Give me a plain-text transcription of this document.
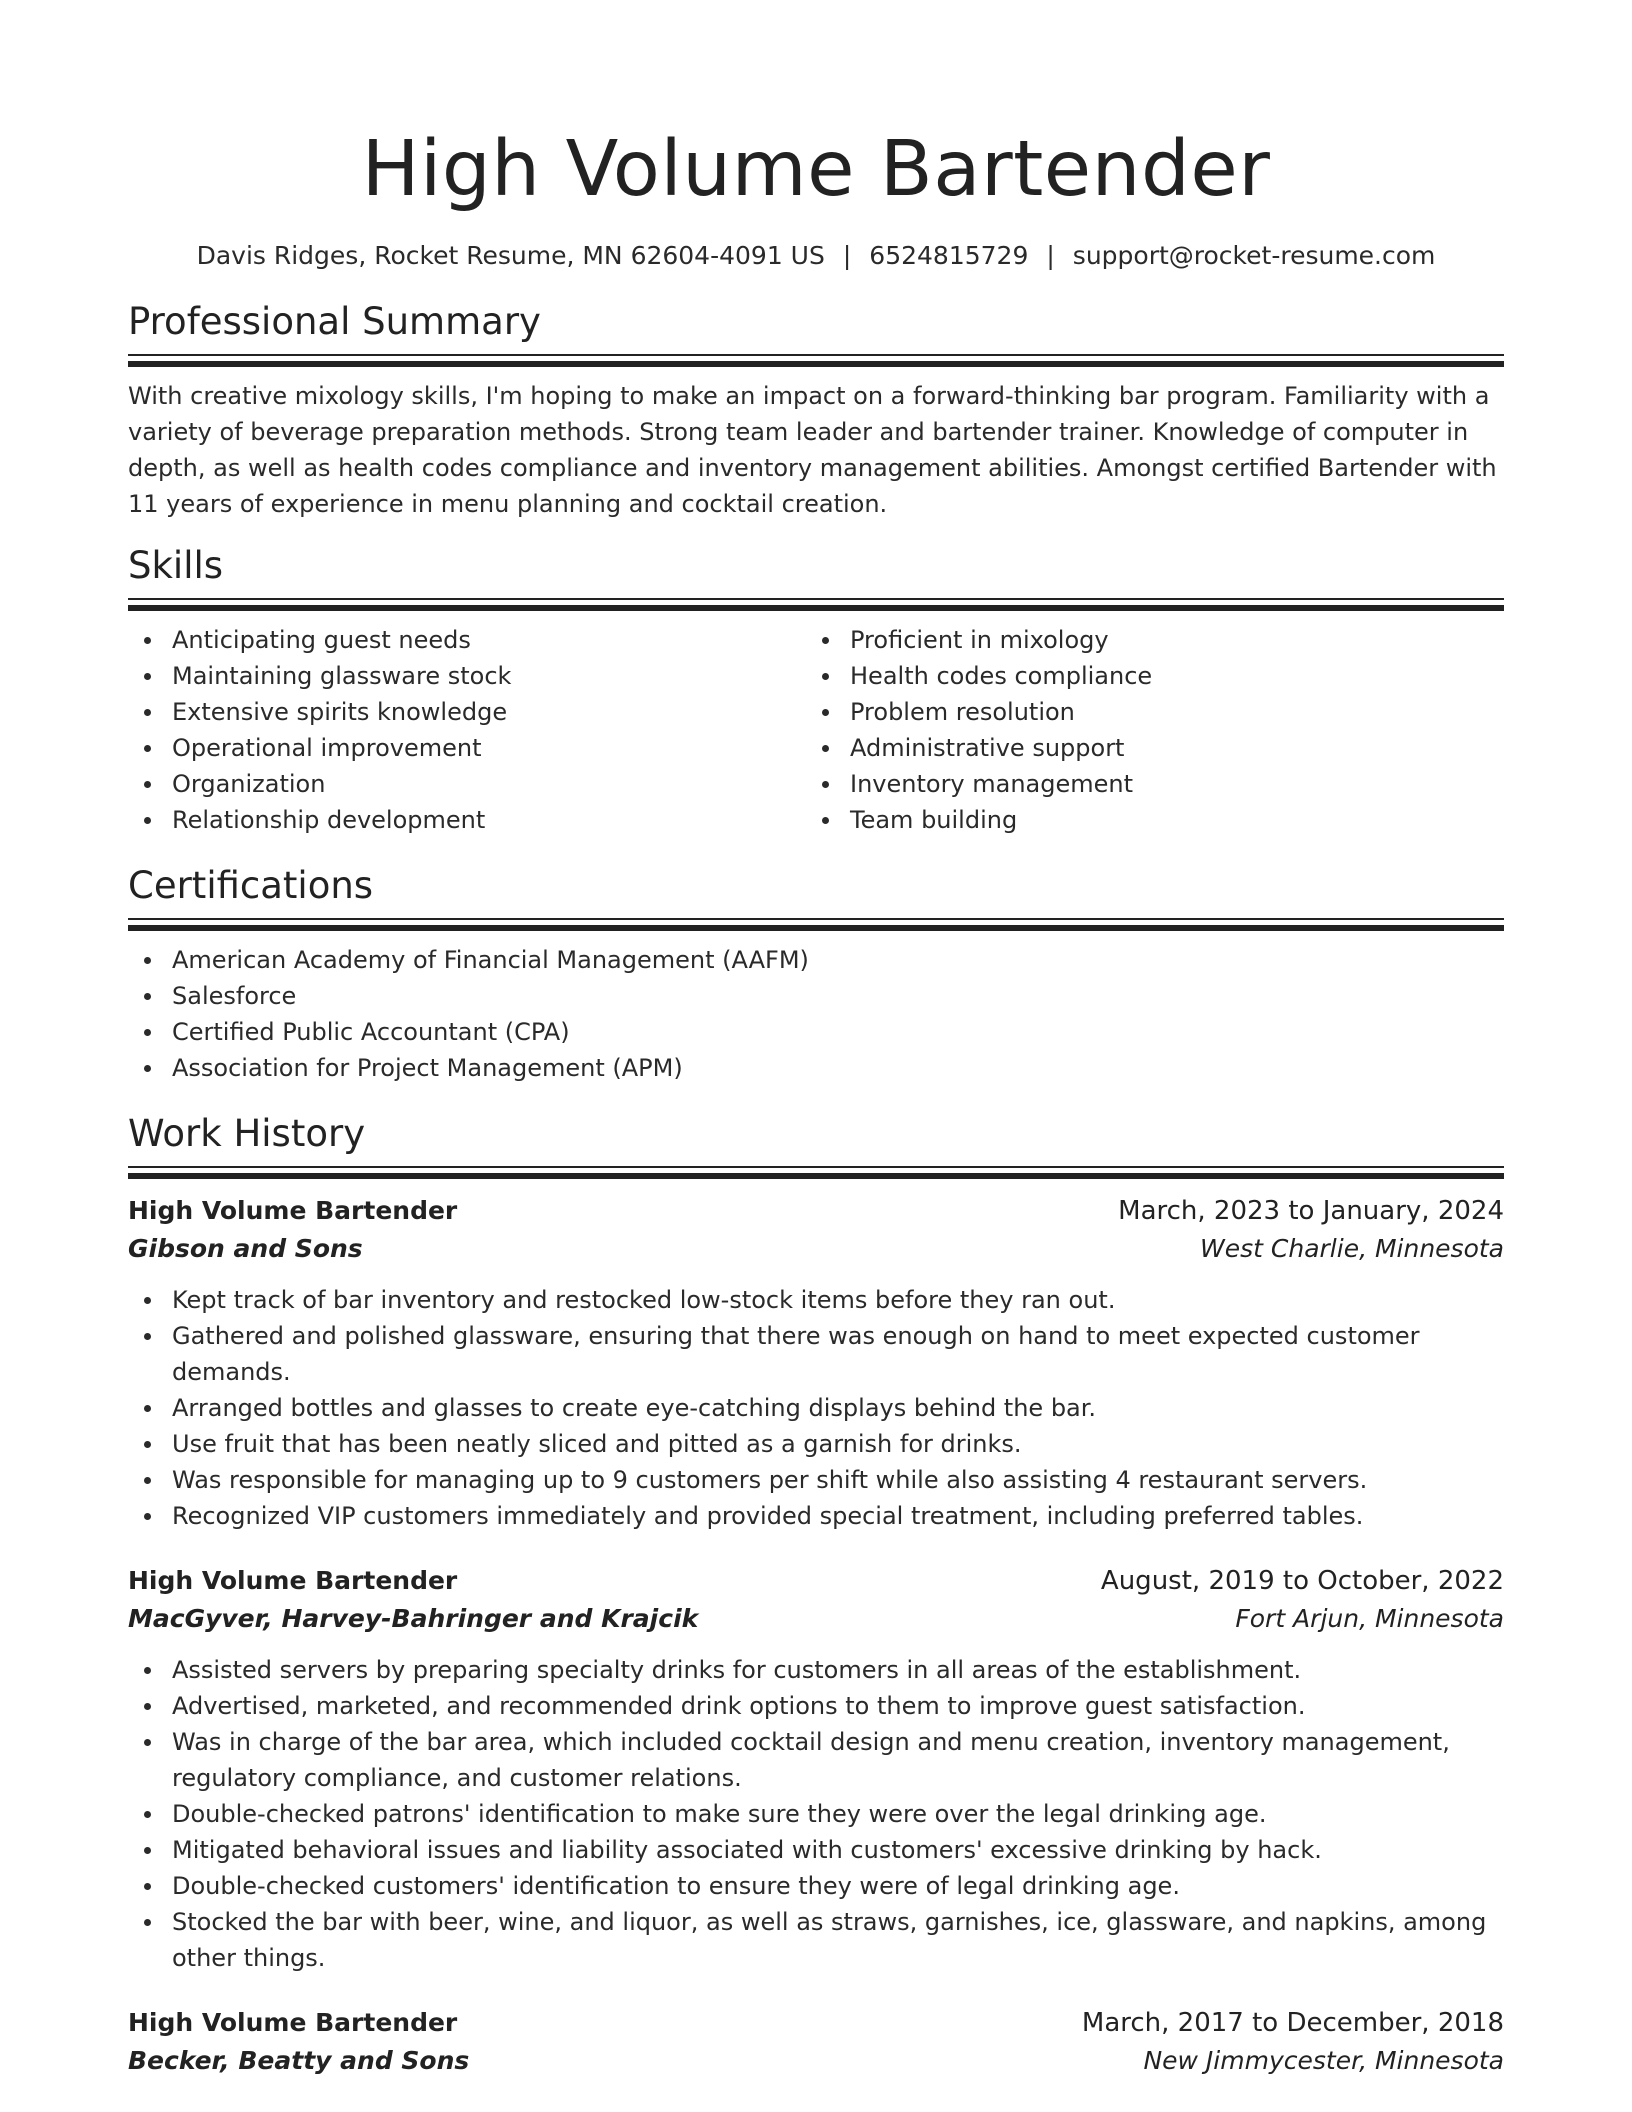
High Volume Bartender
Davis Ridges, Rocket Resume, MN 62604-4091 US | 6524815729 | support@rocket-resume.com
Professional Summary
With creative mixology skills, I'm hoping to make an impact on a forward-thinking bar program. Familiarity with a variety of beverage preparation methods. Strong team leader and bartender trainer. Knowledge of computer in depth, as well as health codes compliance and inventory management abilities. Amongst certified Bartender with 11 years of experience in menu planning and cocktail creation.
Skills
Anticipating guest needs
Maintaining glassware stock
Extensive spirits knowledge
Operational improvement
Organization
Relationship development
Proficient in mixology
Health codes compliance
Problem resolution
Administrative support
Inventory management
Team building
Certifications
American Academy of Financial Management (AAFM)
Salesforce
Certified Public Accountant (CPA)
Association for Project Management (APM)
Work History
High Volume Bartender	March, 2023 to January, 2024
Gibson and Sons	West Charlie, Minnesota
Kept track of bar inventory and restocked low-stock items before they ran out.
Gathered and polished glassware, ensuring that there was enough on hand to meet expected customer demands.
Arranged bottles and glasses to create eye-catching displays behind the bar.
Use fruit that has been neatly sliced and pitted as a garnish for drinks.
Was responsible for managing up to 9 customers per shift while also assisting 4 restaurant servers.
Recognized VIP customers immediately and provided special treatment, including preferred tables.
High Volume Bartender	August, 2019 to October, 2022
MacGyver, Harvey-Bahringer and Krajcik	Fort Arjun, Minnesota
Assisted servers by preparing specialty drinks for customers in all areas of the establishment.
Advertised, marketed, and recommended drink options to them to improve guest satisfaction.
Was in charge of the bar area, which included cocktail design and menu creation, inventory management, regulatory compliance, and customer relations.
Double-checked patrons' identification to make sure they were over the legal drinking age.
Mitigated behavioral issues and liability associated with customers' excessive drinking by hack.
Double-checked customers' identification to ensure they were of legal drinking age.
Stocked the bar with beer, wine, and liquor, as well as straws, garnishes, ice, glassware, and napkins, among other things.
High Volume Bartender	March, 2017 to December, 2018
Becker, Beatty and Sons	New Jimmycester, Minnesota
